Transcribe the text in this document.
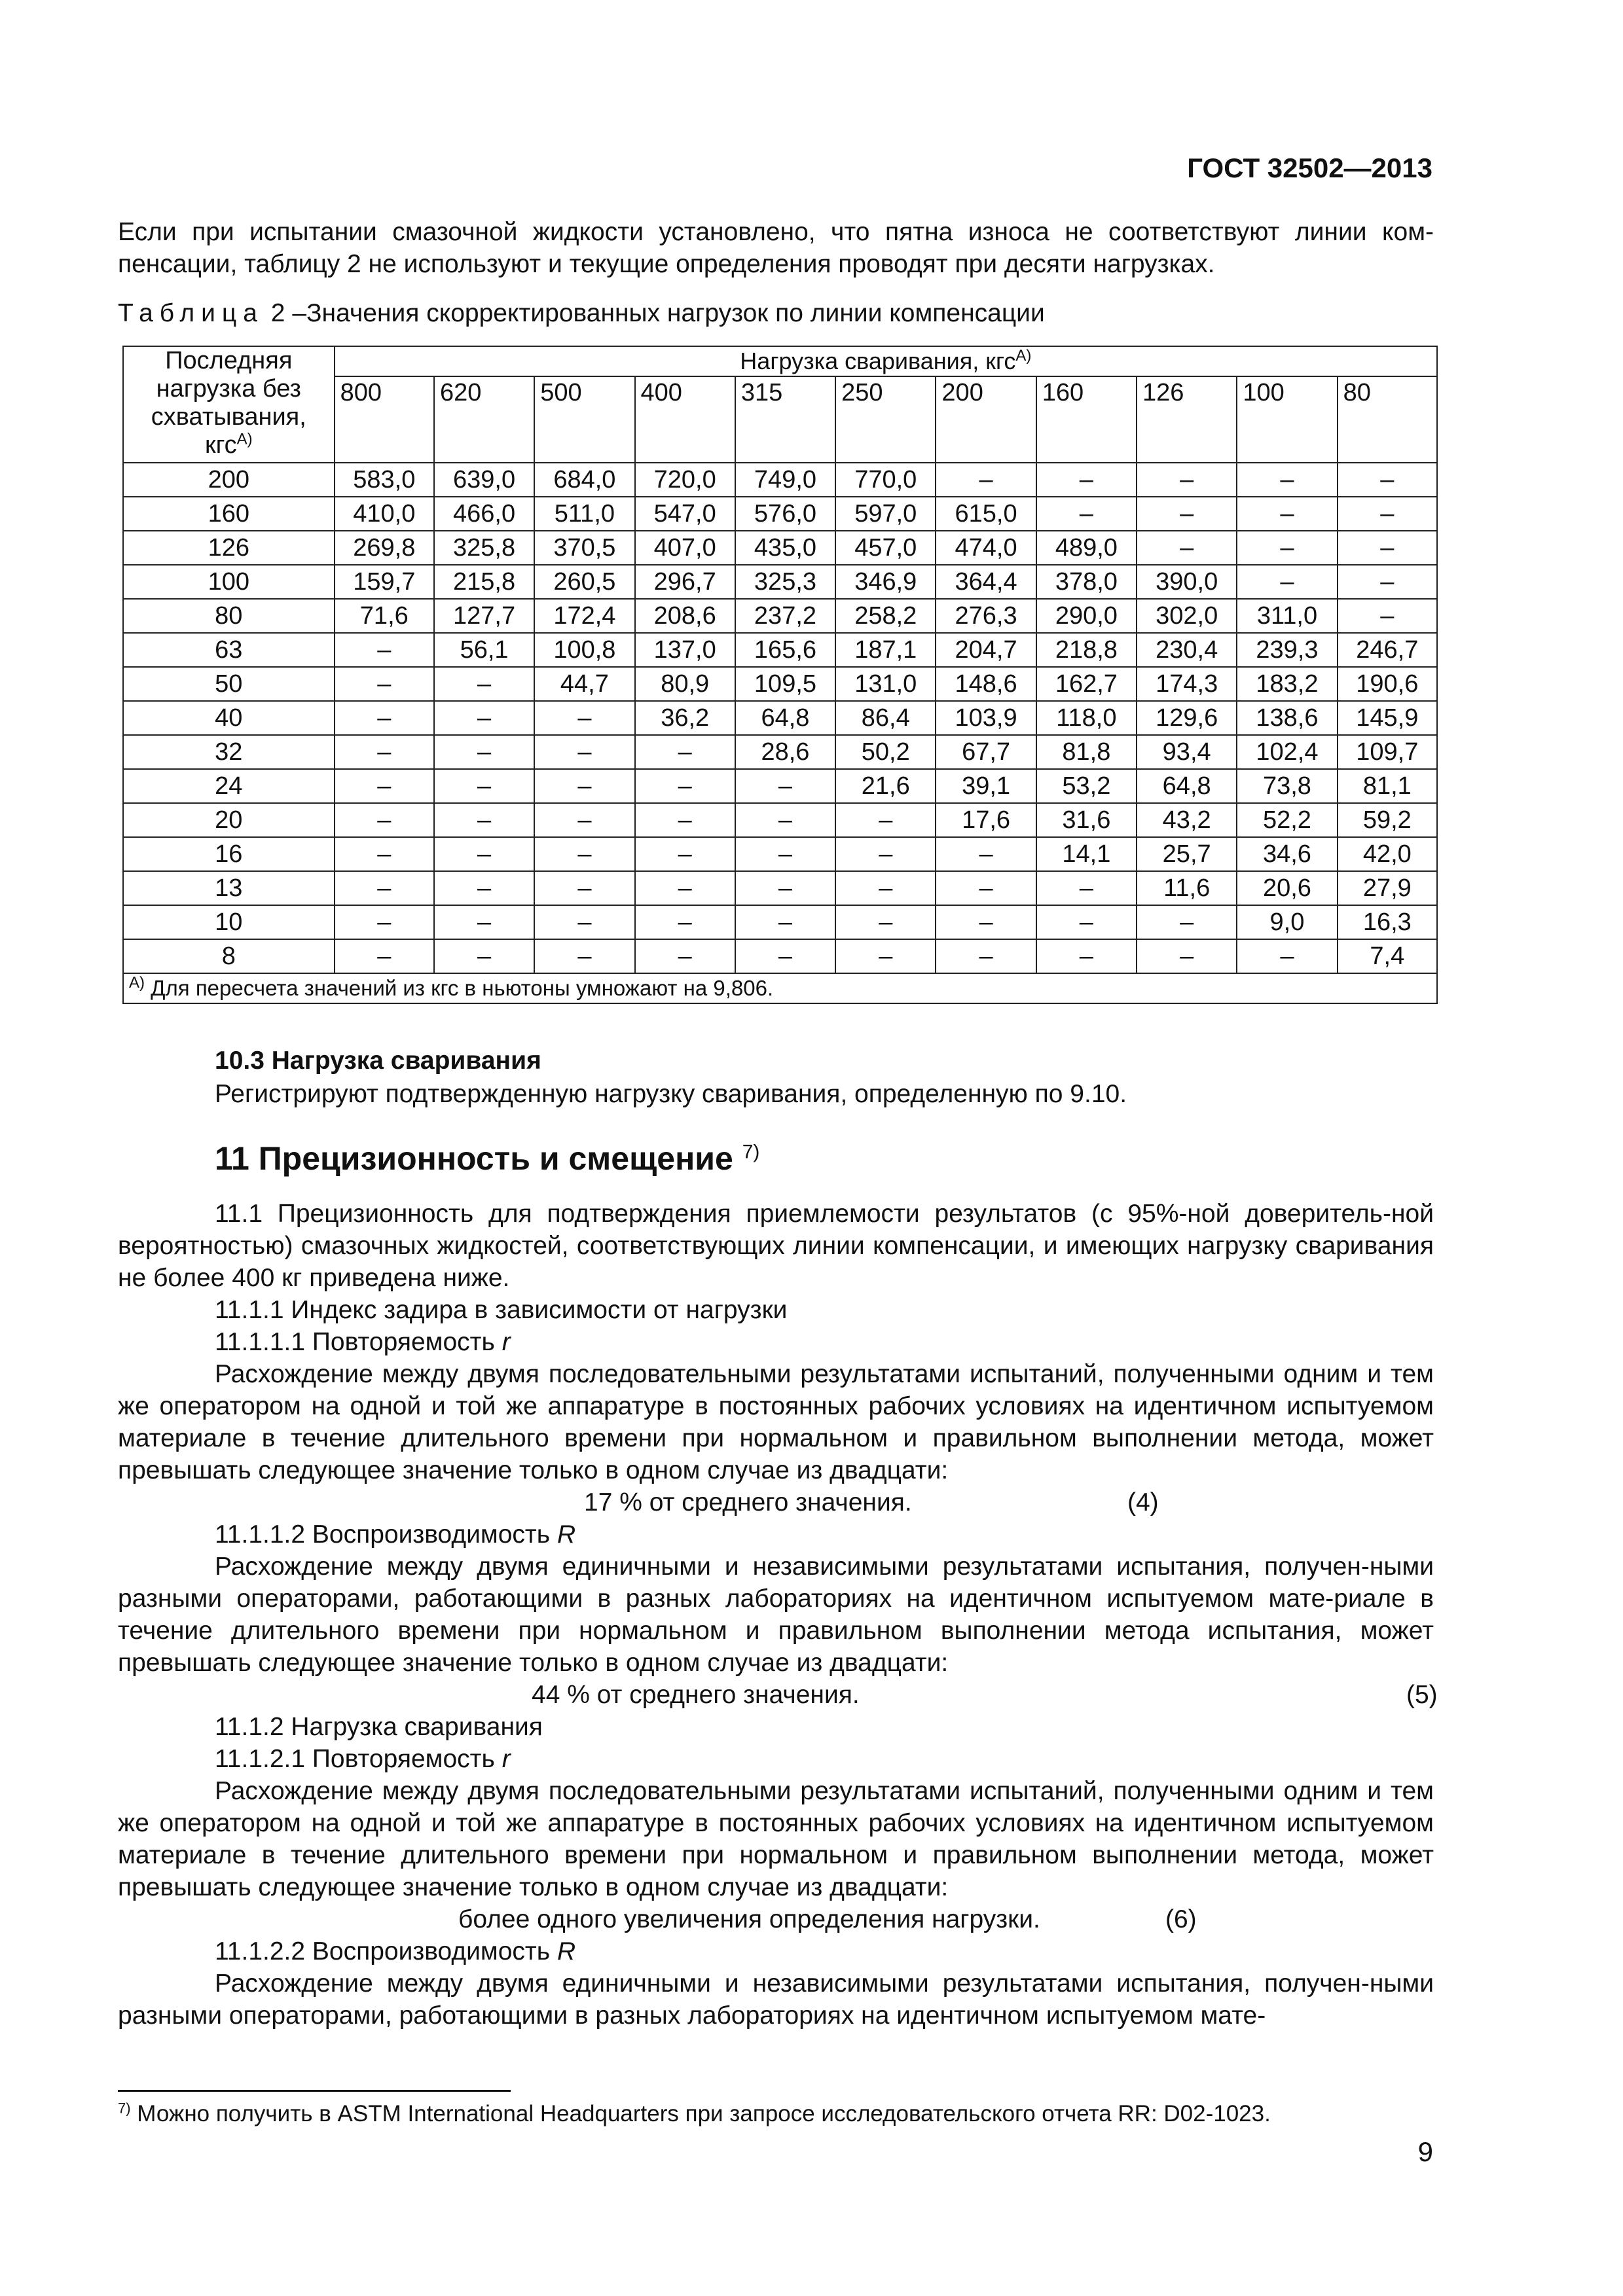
ГОСТ 32502—2013
Если при испытании смазочной жидкости установлено, что пятна износа не соответствуют линии ком-пенсации, таблицу 2 не используют и текущие определения проводят при десяти нагрузках.
Таблица 2 –Значения скорректированных нагрузок по линии компенсации
Последняя нагрузка без схватывания, кгс$^{А)}$	Нагрузка сваривания, кгс$^{А)}$
	800	620	500	400	315	250	200	160	126	100	80
200	583,0	639,0	684,0	720,0	749,0	770,0	–	–	–	–	–
160	410,0	466,0	511,0	547,0	576,0	597,0	615,0	–	–	–	–
126	269,8	325,8	370,5	407,0	435,0	457,0	474,0	489,0	–	–	–
100	159,7	215,8	260,5	296,7	325,3	346,9	364,4	378,0	390,0	–	–
80	71,6	127,7	172,4	208,6	237,2	258,2	276,3	290,0	302,0	311,0	–
63	–	56,1	100,8	137,0	165,6	187,1	204,7	218,8	230,4	239,3	246,7
50	–	–	44,7	80,9	109,5	131,0	148,6	162,7	174,3	183,2	190,6
40	–	–	–	36,2	64,8	86,4	103,9	118,0	129,6	138,6	145,9
32	–	–	–	–	28,6	50,2	67,7	81,8	93,4	102,4	109,7
24	–	–	–	–	–	21,6	39,1	53,2	64,8	73,8	81,1
20	–	–	–	–	–	–	17,6	31,6	43,2	52,2	59,2
16	–	–	–	–	–	–	–	14,1	25,7	34,6	42,0
13	–	–	–	–	–	–	–	–	11,6	20,6	27,9
10	–	–	–	–	–	–	–	–	–	9,0	16,3
8	–	–	–	–	–	–	–	–	–	–	7,4
$^{А)}$ Для пересчета значений из кгс в ньютоны умножают на 9,806.											
10.3 Нагрузка сваривания
Регистрируют подтвержденную нагрузку сваривания, определенную по 9.10.
11 Прецизионность и смещение $^{7)}$
11.1 Прецизионность для подтверждения приемлемости результатов (с 95%-ной доверитель-ной вероятностью) смазочных жидкостей, соответствующих линии компенсации, и имеющих нагрузку сваривания не более 400 кг приведена ниже.
11.1.1 Индекс задира в зависимости от нагрузки
11.1.1.1 Повторяемость r
Расхождение между двумя последовательными результатами испытаний, полученными одним и тем же оператором на одной и той же аппаратуре в постоянных рабочих условиях на идентичном испытуемом материале в течение длительного времени при нормальном и правильном выполнении метода, может превышать следующее значение только в одном случае из двадцати:
17 % от среднего значения.	(4)
11.1.1.2 Воспроизводимость R
Расхождение между двумя единичными и независимыми результатами испытания, получен-ными разными операторами, работающими в разных лабораториях на идентичном испытуемом мате-риале в течение длительного времени при нормальном и правильном выполнении метода испытания, может превышать следующее значение только в одном случае из двадцати:
44 % от среднего значения.	(5)
11.1.2 Нагрузка сваривания
11.1.2.1 Повторяемость r
Расхождение между двумя последовательными результатами испытаний, полученными одним и тем же оператором на одной и той же аппаратуре в постоянных рабочих условиях на идентичном испытуемом материале в течение длительного времени при нормальном и правильном выполнении метода, может превышать следующее значение только в одном случае из двадцати:
более одного увеличения определения нагрузки.	(6)
11.1.2.2 Воспроизводимость R
Расхождение между двумя единичными и независимыми результатами испытания, получен-ными разными операторами, работающими в разных лабораториях на идентичном испытуемом мате-
$^{7)}$ Можно получить в ASTM International Headquarters при запросе исследовательского отчета RR: D02-1023.
9
